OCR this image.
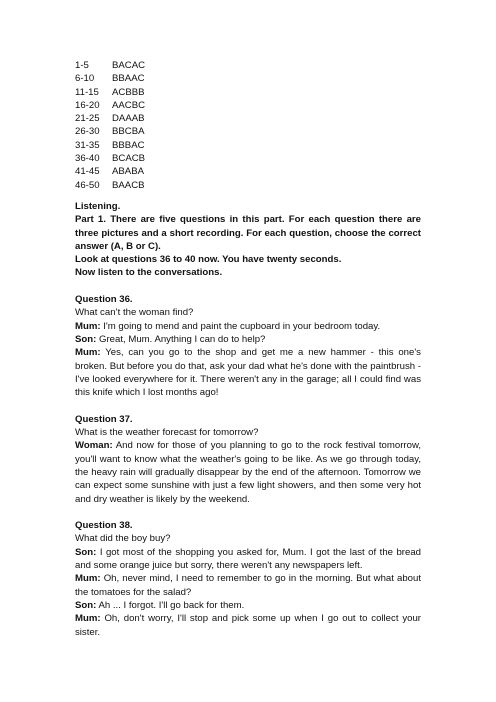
1-5	BACAC
6-10	BBAAC
11-15	ACBBB
16-20	AACBC
21-25	DAAAB
26-30	BBCBA
31-35	BBBAC
36-40	BCACB
41-45	ABABA
46-50	BAACB

Listening.

Part 1. There are five questions in this part. For each question there are three pictures and a short recording. For each question, choose the correct answer (A, B or C).

Look at questions 36 to 40 now. You have twenty seconds.

Now listen to the conversations.

Question 36.

What can’t the woman find?

Mum: I'm going to mend and paint the cupboard in your bedroom today.

Son: Great, Mum. Anything I can do to help?

Mum: Yes, can you go to the shop and get me a new hammer - this one's broken. But before you do that, ask your dad what he's done with the paintbrush - I've looked everywhere for it. There weren't any in the garage; all I could find was this knife which I lost months ago!

Question 37.

What is the weather forecast for tomorrow?

Woman: And now for those of you planning to go to the rock festival tomorrow, you'll want to know what the weather's going to be like. As we go through today, the heavy rain will gradually disappear by the end of the afternoon. Tomorrow we can expect some sunshine with just a few light showers, and then some very hot and dry weather is likely by the weekend.

Question 38.

What did the boy buy?

Son: I got most of the shopping you asked for, Mum. I got the last of the bread and some orange juice but sorry, there weren't any newspapers left.

Mum: Oh, never mind, I need to remember to go in the morning. But what about the tomatoes for the salad?

Son: Ah ... I forgot. I'll go back for them.

Mum: Oh, don't worry, I'll stop and pick some up when I go out to collect your sister.
